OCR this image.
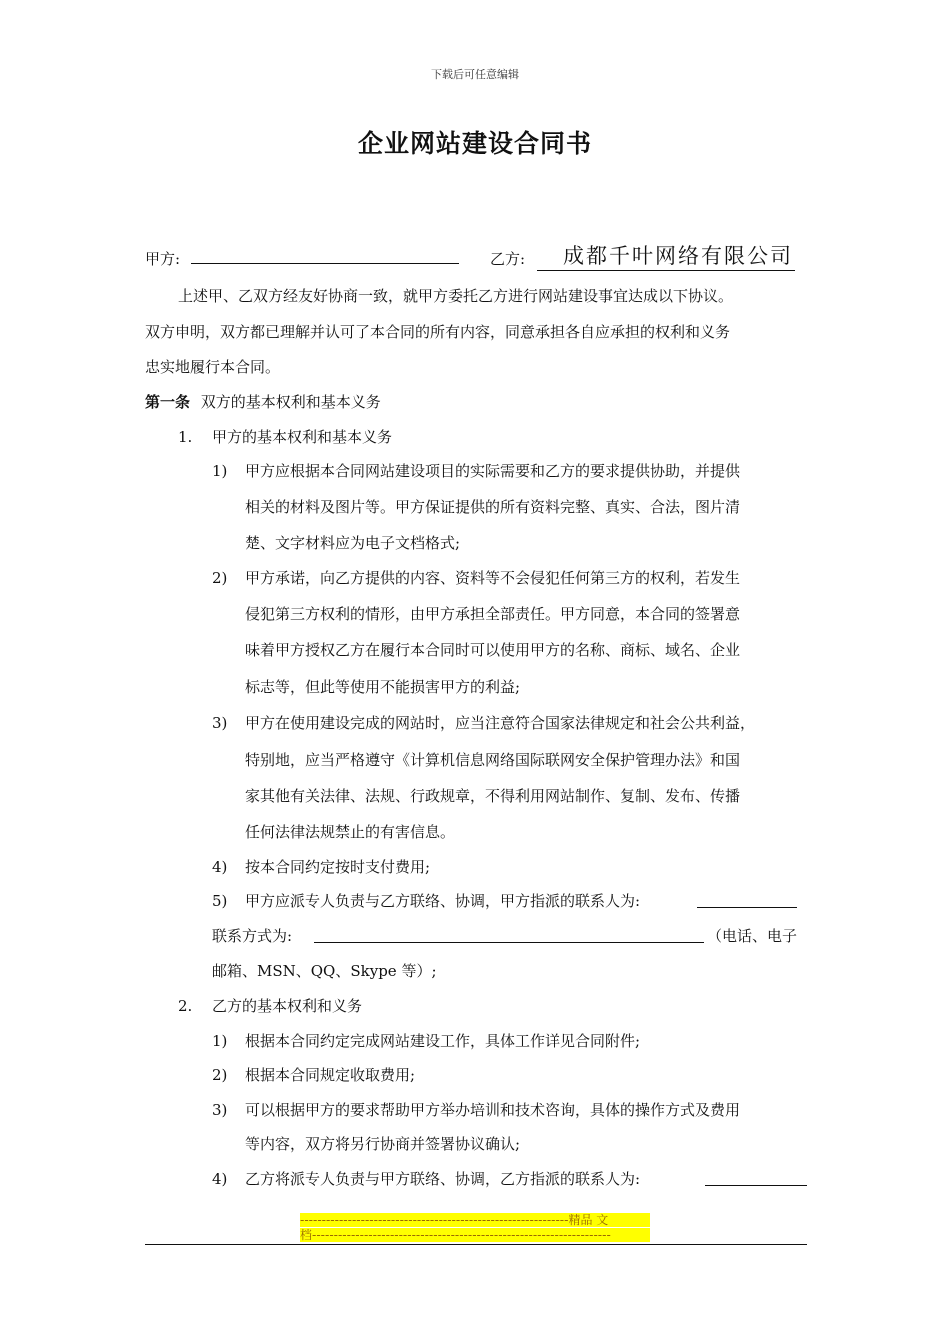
下载后可任意编辑
企业网站建设合同书
甲方:	乙方:	成都千叶网络有限公司
上述甲、乙双方经友好协商一致，就甲方委托乙方进行网站建设事宜达成以下协议。
双方申明，双方都已理解并认可了本合同的所有内容，同意承担各自应承担的权利和义务
忠实地履行本合同。
第一条 双方的基本权利和基本义务
1. 甲方的基本权利和基本义务
1) 甲方应根据本合同网站建设项目的实际需要和乙方的要求提供协助，并提供
相关的材料及图片等。甲方保证提供的所有资料完整、真实、合法，图片清
楚、文字材料应为电子文档格式;
2) 甲方承诺，向乙方提供的内容、资料等不会侵犯任何第三方的权利，若发生
侵犯第三方权利的情形，由甲方承担全部责任。甲方同意，本合同的签署意
味着甲方授权乙方在履行本合同时可以使用甲方的名称、商标、域名、企业
标志等，但此等使用不能损害甲方的利益;
3) 甲方在使用建设完成的网站时，应当注意符合国家法律规定和社会公共利益，
特别地，应当严格遵守《计算机信息网络国际联网安全保护管理办法》和国
家其他有关法律、法规、行政规章，不得利用网站制作、复制、发布、传播
任何法律法规禁止的有害信息。
4) 按本合同约定按时支付费用;
5) 甲方应派专人负责与乙方联络、协调，甲方指派的联系人为:
联系方式为:	（电话、电子
邮箱、MSN、QQ、Skype 等）;
2. 乙方的基本权利和义务
1) 根据本合同约定完成网站建设工作，具体工作详见合同附件;
2) 根据本合同规定收取费用;
3) 可以根据甲方的要求帮助甲方举办培训和技术咨询，具体的操作方式及费用
等内容，双方将另行协商并签署协议确认;
4) 乙方将派专人负责与甲方联络、协调，乙方指派的联系人为:
--------------------------------------------------------------精品 文
档---------------------------------------------------------------------
